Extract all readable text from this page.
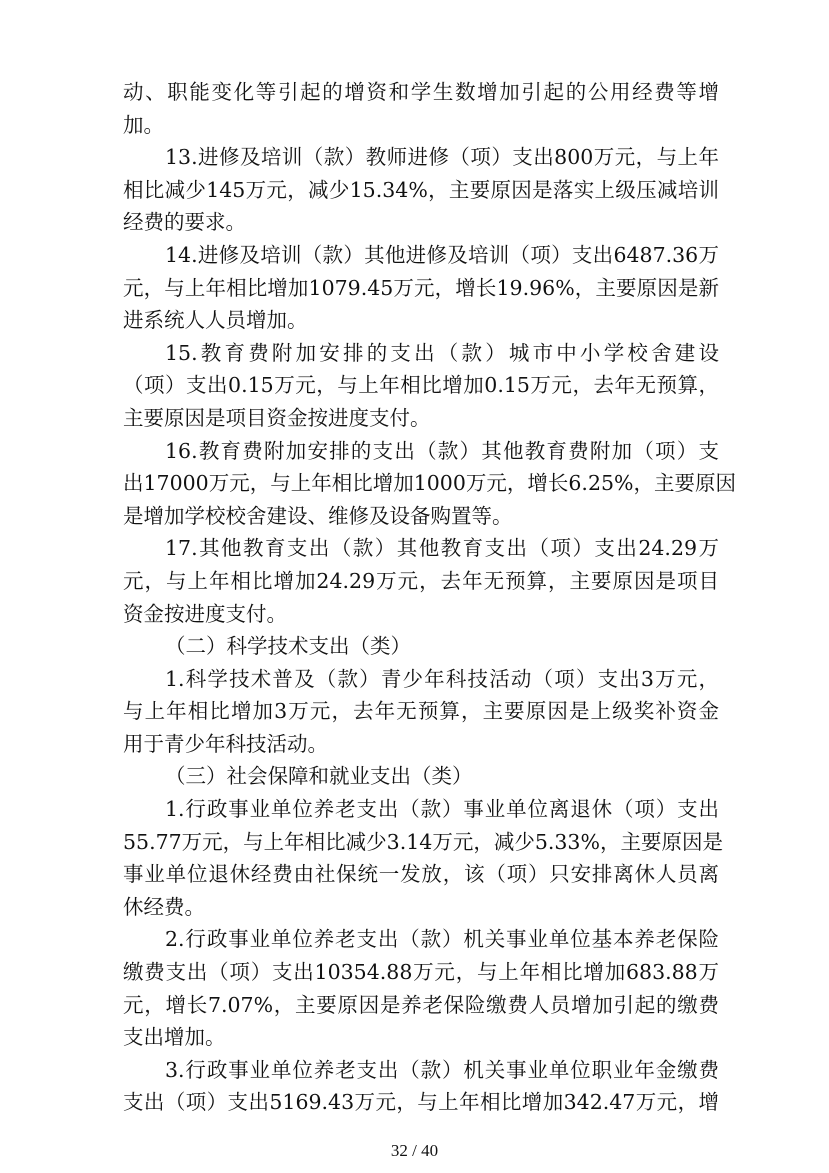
动、职能变化等引起的增资和学生数增加引起的公用经费等增
加。
13.进修及培训（款）教师进修（项）支出800万元，与上年
相比减少145万元，减少15.34%，主要原因是落实上级压减培训
经费的要求。
14.进修及培训（款）其他进修及培训（项）支出6487.36万
元，与上年相比增加1079.45万元，增长19.96%，主要原因是新
进系统人人员增加。
15.教育费附加安排的支出（款）城市中小学校舍建设
（项）支出0.15万元，与上年相比增加0.15万元，去年无预算，
主要原因是项目资金按进度支付。
16.教育费附加安排的支出（款）其他教育费附加（项）支
出17000万元，与上年相比增加1000万元，增长6.25%，主要原因
是增加学校校舍建设、维修及设备购置等。
17.其他教育支出（款）其他教育支出（项）支出24.29万
元，与上年相比增加24.29万元，去年无预算，主要原因是项目
资金按进度支付。
（二）科学技术支出（类）
1.科学技术普及（款）青少年科技活动（项）支出3万元，
与上年相比增加3万元，去年无预算，主要原因是上级奖补资金
用于青少年科技活动。
（三）社会保障和就业支出（类）
1.行政事业单位养老支出（款）事业单位离退休（项）支出
55.77万元，与上年相比减少3.14万元，减少5.33%，主要原因是
事业单位退休经费由社保统一发放，该（项）只安排离休人员离
休经费。
2.行政事业单位养老支出（款）机关事业单位基本养老保险
缴费支出（项）支出10354.88万元，与上年相比增加683.88万
元，增长7.07%，主要原因是养老保险缴费人员增加引起的缴费
支出增加。
3.行政事业单位养老支出（款）机关事业单位职业年金缴费
支出（项）支出5169.43万元，与上年相比增加342.47万元，增
32 / 40
